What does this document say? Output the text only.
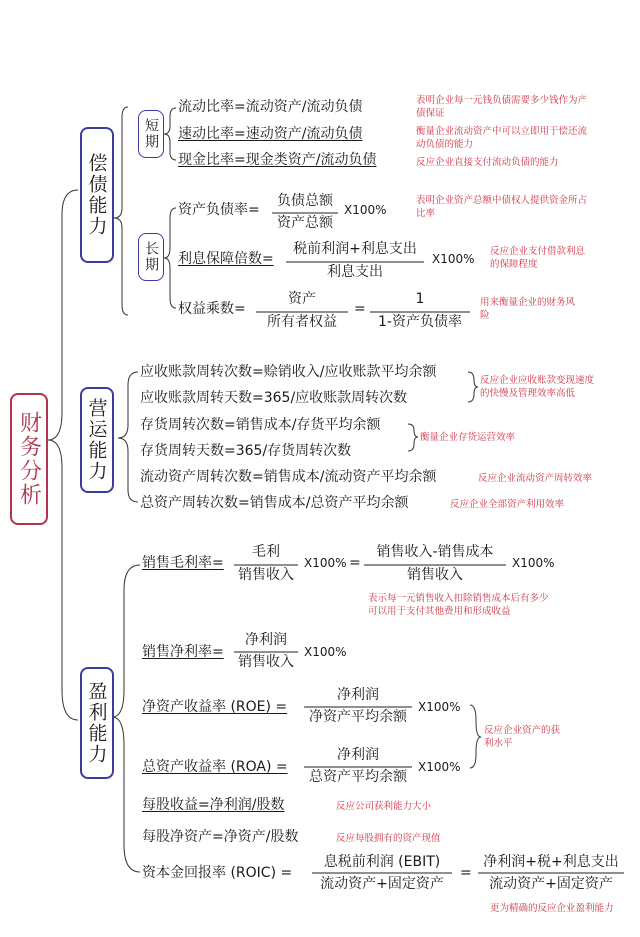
财务分析
偿债能力
营运能力
盈利能力
短期
长期
流动比率=流动资产/流动负债	表明企业每一元钱负债需要多少钱作为产债保证
速动比率=速动资产/流动负债	衡量企业流动资产中可以立即用于偿还流动负债的能力
现金比率=现金类资产/流动负债	反应企业直接支付流动负债的能力
资产负债率=
负债总额
资产总额
X100%
表明企业资产总额中债权人提供资金所占比率
利息保障倍数=
税前利润+利息支出
利息支出
X100%
反应企业支付借款利息的保障程度
权益乘数=
资产
所有者权益
=
1
1-资产负债率
用来衡量企业的财务风险
应收账款周转次数=赊销收入/应收账款平均余额
应收账款周转天数=365/应收账款周转次数
反应企业应收账款变现速度的快慢及管理效率高低
存货周转次数=销售成本/存货平均余额
存货周转天数=365/存货周转次数
衡量企业存货运营效率
流动资产周转次数=销售成本/流动资产平均余额	反应企业流动资产周转效率
总资产周转次数=销售成本/总资产平均余额	反应企业全部资产利用效率
销售毛利率=
毛利
销售收入
X100% =
销售收入-销售成本
销售收入
X100%
表示每一元销售收入扣除销售成本后有多少可以用于支付其他费用和形成收益
销售净利率=
净利润
销售收入
X100%
净资产收益率 (ROE) =
净利润
净资产平均余额
X100%
总资产收益率 (ROA) =
净利润
总资产平均余额
X100%
反应企业资产的获利水平
每股收益=净利润/股数	反应公司获利能力大小
每股净资产=净资产/股数	反应每股拥有的资产现值
资本金回报率 (ROIC) =
息税前利润 (EBIT)
流动资产+固定资产
=
净利润+税+利息支出
流动资产+固定资产
更为精确的反应企业盈利能力
